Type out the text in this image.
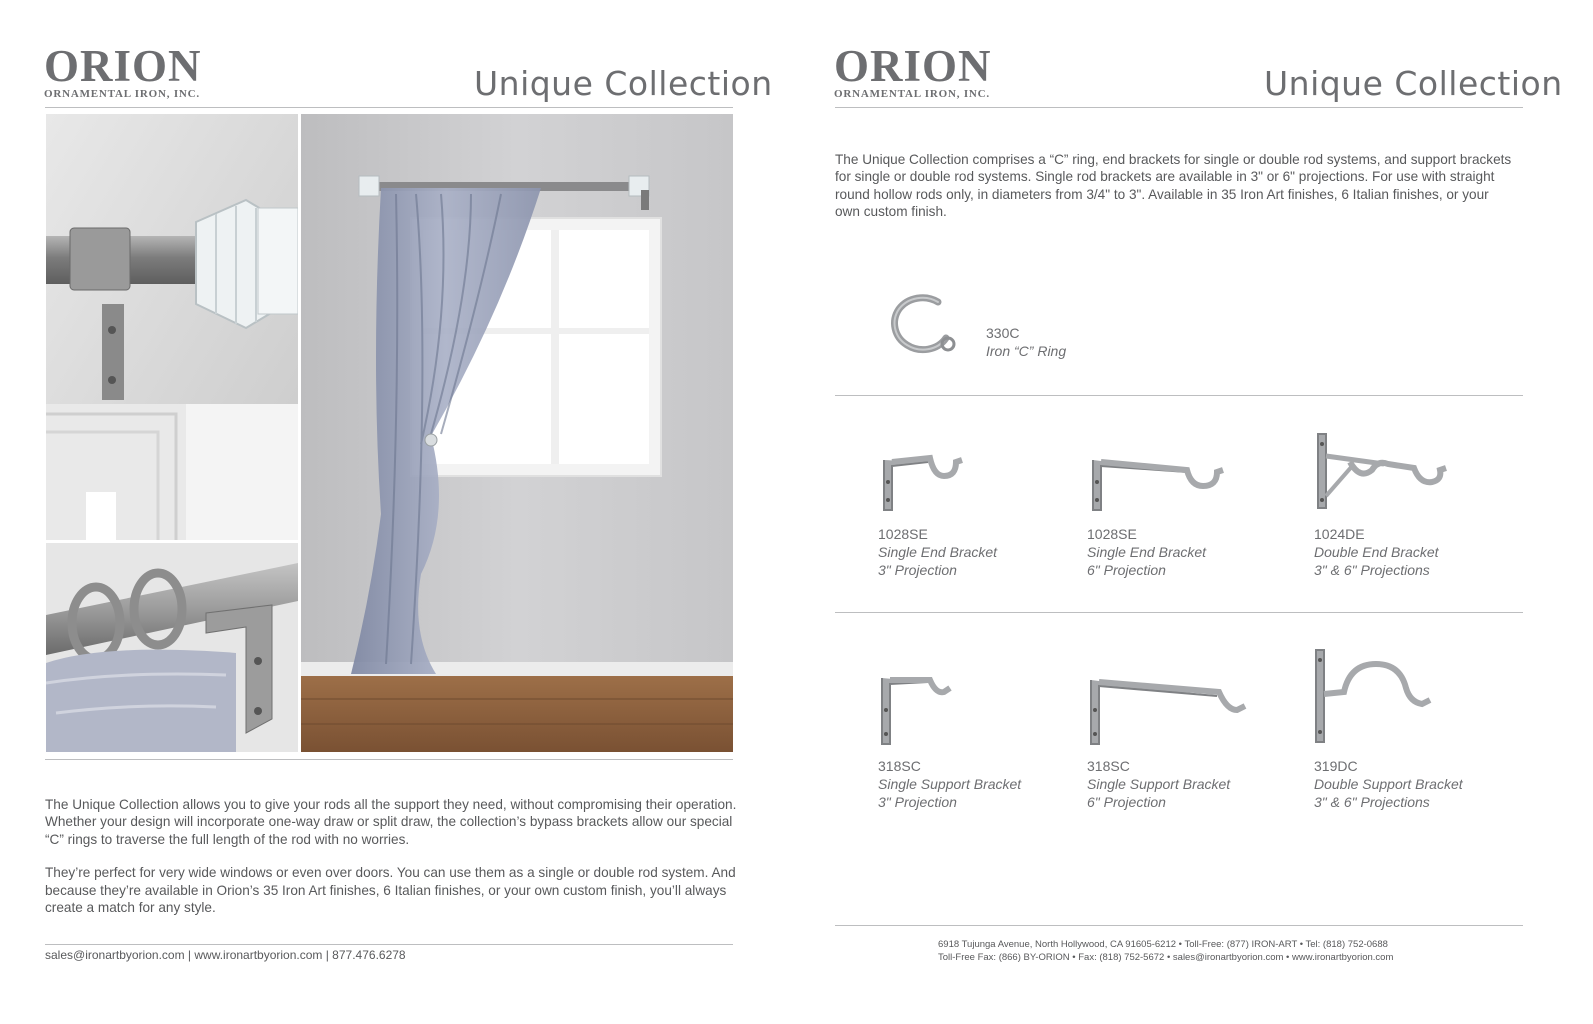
ORION
ORNAMENTAL IRON, INC.	Unique Collection

The Unique Collection allows you to give your rods all the support they need, without compromising their operation. Whether your design will incorporate one-way draw or split draw, the collection’s bypass brackets allow our special “C” rings to traverse the full length of the rod with no worries.

They’re perfect for very wide windows or even over doors. You can use them as a single or double rod system. And because they’re available in Orion’s 35 Iron Art finishes, 6 Italian finishes, or your own custom finish, you’ll always create a match for any style.

sales@ironartbyorion.com | www.ironartbyorion.com | 877.476.6278
ORION
ORNAMENTAL IRON, INC.	Unique Collection
The Unique Collection comprises a “C” ring, end brackets for single or double rod systems, and support brackets for single or double rod systems. Single rod brackets are available in 3" or 6" projections. For use with straight round hollow rods only, in diameters from 3/4" to 3". Available in 35 Iron Art finishes, 6 Italian finishes, or your own custom finish.
330C
Iron “C” Ring
1028SE
Single End Bracket
3" Projection
1028SE
Single End Bracket
6" Projection
1024DE
Double End Bracket
3" & 6" Projections
318SC
Single Support Bracket
3" Projection
318SC
Single Support Bracket
6" Projection
319DC
Double Support Bracket
3" & 6" Projections
6918 Tujunga Avenue, North Hollywood, CA 91605-6212 • Toll-Free: (877) IRON-ART • Tel: (818) 752-0688
Toll-Free Fax: (866) BY-ORION • Fax: (818) 752-5672 • sales@ironartbyorion.com • www.ironartbyorion.com
